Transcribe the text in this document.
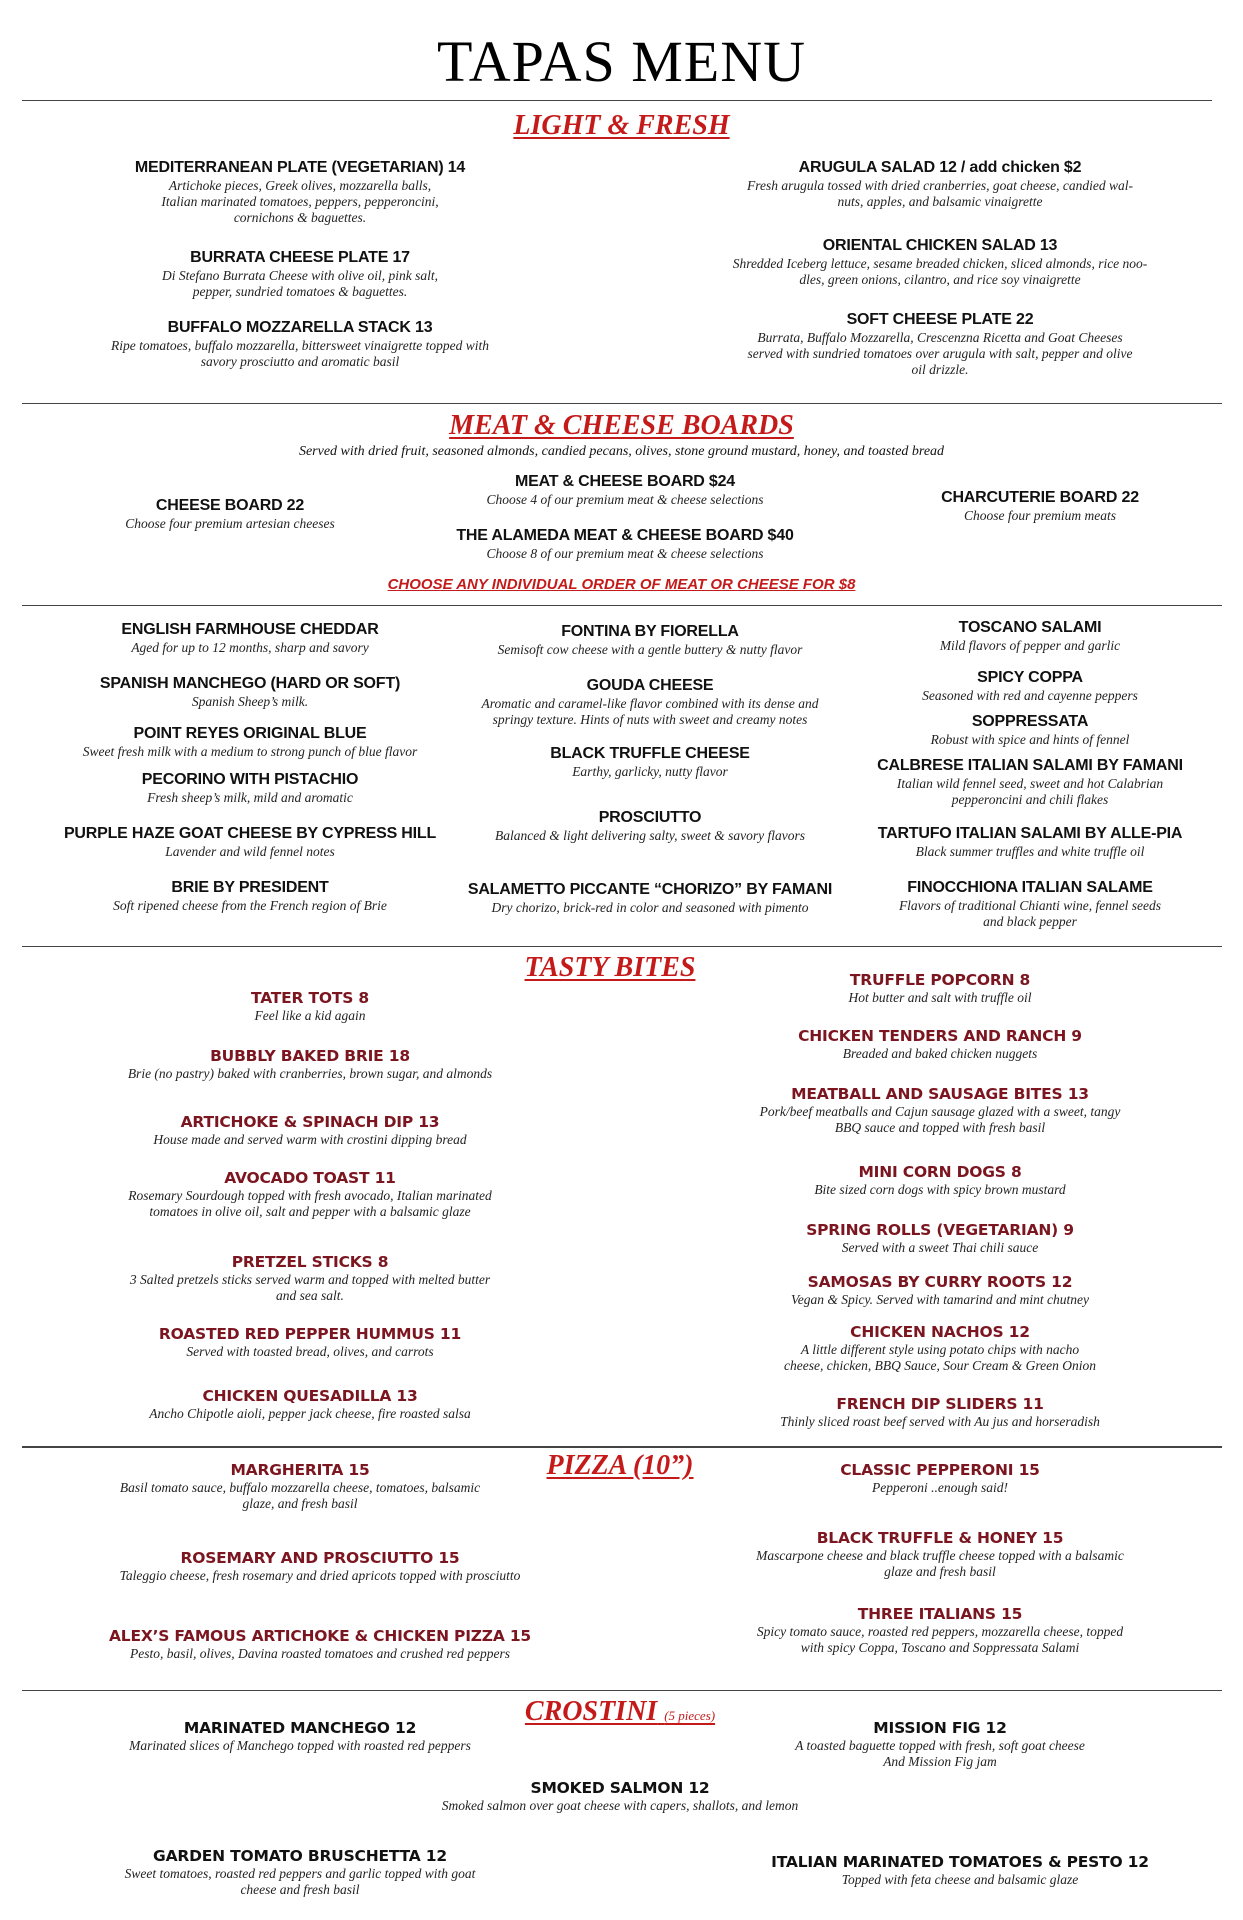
TAPAS MENU
LIGHT & FRESH
MEDITERRANEAN PLATE (VEGETARIAN) 14
Artichoke pieces, Greek olives, mozzarella balls,
Italian marinated tomatoes, peppers, pepperoncini,
cornichons & baguettes.
BURRATA CHEESE PLATE 17
Di Stefano Burrata Cheese with olive oil, pink salt,
pepper, sundried tomatoes & baguettes.
BUFFALO MOZZARELLA STACK 13
Ripe tomatoes, buffalo mozzarella, bittersweet vinaigrette topped with
savory prosciutto and aromatic basil
ARUGULA SALAD 12 / add chicken $2
Fresh arugula tossed with dried cranberries, goat cheese, candied wal-
nuts, apples, and balsamic vinaigrette
ORIENTAL CHICKEN SALAD 13
Shredded Iceberg lettuce, sesame breaded chicken, sliced almonds, rice noo-
dles, green onions, cilantro, and rice soy vinaigrette
SOFT CHEESE PLATE 22
Burrata, Buffalo Mozzarella, Crescenzna Ricetta and Goat Cheeses
served with sundried tomatoes over arugula with salt, pepper and olive
oil drizzle.
MEAT & CHEESE BOARDS
Served with dried fruit, seasoned almonds, candied pecans, olives, stone ground mustard, honey, and toasted bread
CHEESE BOARD 22
Choose four premium artesian cheeses
MEAT & CHEESE BOARD $24
Choose 4 of our premium meat & cheese selections
THE ALAMEDA MEAT & CHEESE BOARD $40
Choose 8 of our premium meat & cheese selections
CHARCUTERIE BOARD 22
Choose four premium meats
CHOOSE ANY INDIVIDUAL ORDER OF MEAT OR CHEESE FOR $8
ENGLISH FARMHOUSE CHEDDAR
Aged for up to 12 months, sharp and savory
SPANISH MANCHEGO (HARD OR SOFT)
Spanish Sheep’s milk.
POINT REYES ORIGINAL BLUE
Sweet fresh milk with a medium to strong punch of blue flavor
PECORINO WITH PISTACHIO
Fresh sheep’s milk, mild and aromatic
PURPLE HAZE GOAT CHEESE BY CYPRESS HILL
Lavender and wild fennel notes
BRIE BY PRESIDENT
Soft ripened cheese from the French region of Brie
FONTINA BY FIORELLA
Semisoft cow cheese with a gentle buttery & nutty flavor
GOUDA CHEESE
Aromatic and caramel-like flavor combined with its dense and
springy texture. Hints of nuts with sweet and creamy notes
BLACK TRUFFLE CHEESE
Earthy, garlicky, nutty flavor
PROSCIUTTO
Balanced & light delivering salty, sweet & savory flavors
SALAMETTO PICCANTE “CHORIZO” BY FAMANI
Dry chorizo, brick-red in color and seasoned with pimento
TOSCANO SALAMI
Mild flavors of pepper and garlic
SPICY COPPA
Seasoned with red and cayenne peppers
SOPPRESSATA
Robust with spice and hints of fennel
CALBRESE ITALIAN SALAMI BY FAMANI
Italian wild fennel seed, sweet and hot Calabrian
pepperoncini and chili flakes
TARTUFO ITALIAN SALAMI BY ALLE-PIA
Black summer truffles and white truffle oil
FINOCCHIONA ITALIAN SALAME
Flavors of traditional Chianti wine, fennel seeds
and black pepper
TASTY BITES
TATER TOTS 8
Feel like a kid again
BUBBLY BAKED BRIE 18
Brie (no pastry) baked with cranberries, brown sugar, and almonds
ARTICHOKE & SPINACH DIP 13
House made and served warm with crostini dipping bread
AVOCADO TOAST 11
Rosemary Sourdough topped with fresh avocado, Italian marinated
tomatoes in olive oil, salt and pepper with a balsamic glaze
PRETZEL STICKS 8
3 Salted pretzels sticks served warm and topped with melted butter
and sea salt.
ROASTED RED PEPPER HUMMUS 11
Served with toasted bread, olives, and carrots
CHICKEN QUESADILLA 13
Ancho Chipotle aioli, pepper jack cheese, fire roasted salsa
TRUFFLE POPCORN 8
Hot butter and salt with truffle oil
CHICKEN TENDERS AND RANCH 9
Breaded and baked chicken nuggets
MEATBALL AND SAUSAGE BITES 13
Pork/beef meatballs and Cajun sausage glazed with a sweet, tangy
BBQ sauce and topped with fresh basil
MINI CORN DOGS 8
Bite sized corn dogs with spicy brown mustard
SPRING ROLLS (VEGETARIAN) 9
Served with a sweet Thai chili sauce
SAMOSAS BY CURRY ROOTS 12
Vegan & Spicy. Served with tamarind and mint chutney
CHICKEN NACHOS 12
A little different style using potato chips with nacho
cheese, chicken, BBQ Sauce, Sour Cream & Green Onion
FRENCH DIP SLIDERS 11
Thinly sliced roast beef served with Au jus and horseradish
PIZZA (10”)
MARGHERITA 15
Basil tomato sauce, buffalo mozzarella cheese, tomatoes, balsamic
glaze, and fresh basil
ROSEMARY AND PROSCIUTTO 15
Taleggio cheese, fresh rosemary and dried apricots topped with prosciutto
ALEX’S FAMOUS ARTICHOKE & CHICKEN PIZZA 15
Pesto, basil, olives, Davina roasted tomatoes and crushed red peppers
CLASSIC PEPPERONI 15
Pepperoni ..enough said!
BLACK TRUFFLE & HONEY 15
Mascarpone cheese and black truffle cheese topped with a balsamic
glaze and fresh basil
THREE ITALIANS 15
Spicy tomato sauce, roasted red peppers, mozzarella cheese, topped
with spicy Coppa, Toscano and Soppressata Salami
CROSTINI (5 pieces)
MARINATED MANCHEGO 12
Marinated slices of Manchego topped with roasted red peppers
MISSION FIG 12
A toasted baguette topped with fresh, soft goat cheese
And Mission Fig jam
SMOKED SALMON 12
Smoked salmon over goat cheese with capers, shallots, and lemon
GARDEN TOMATO BRUSCHETTA 12
Sweet tomatoes, roasted red peppers and garlic topped with goat
cheese and fresh basil
ITALIAN MARINATED TOMATOES & PESTO 12
Topped with feta cheese and balsamic glaze
